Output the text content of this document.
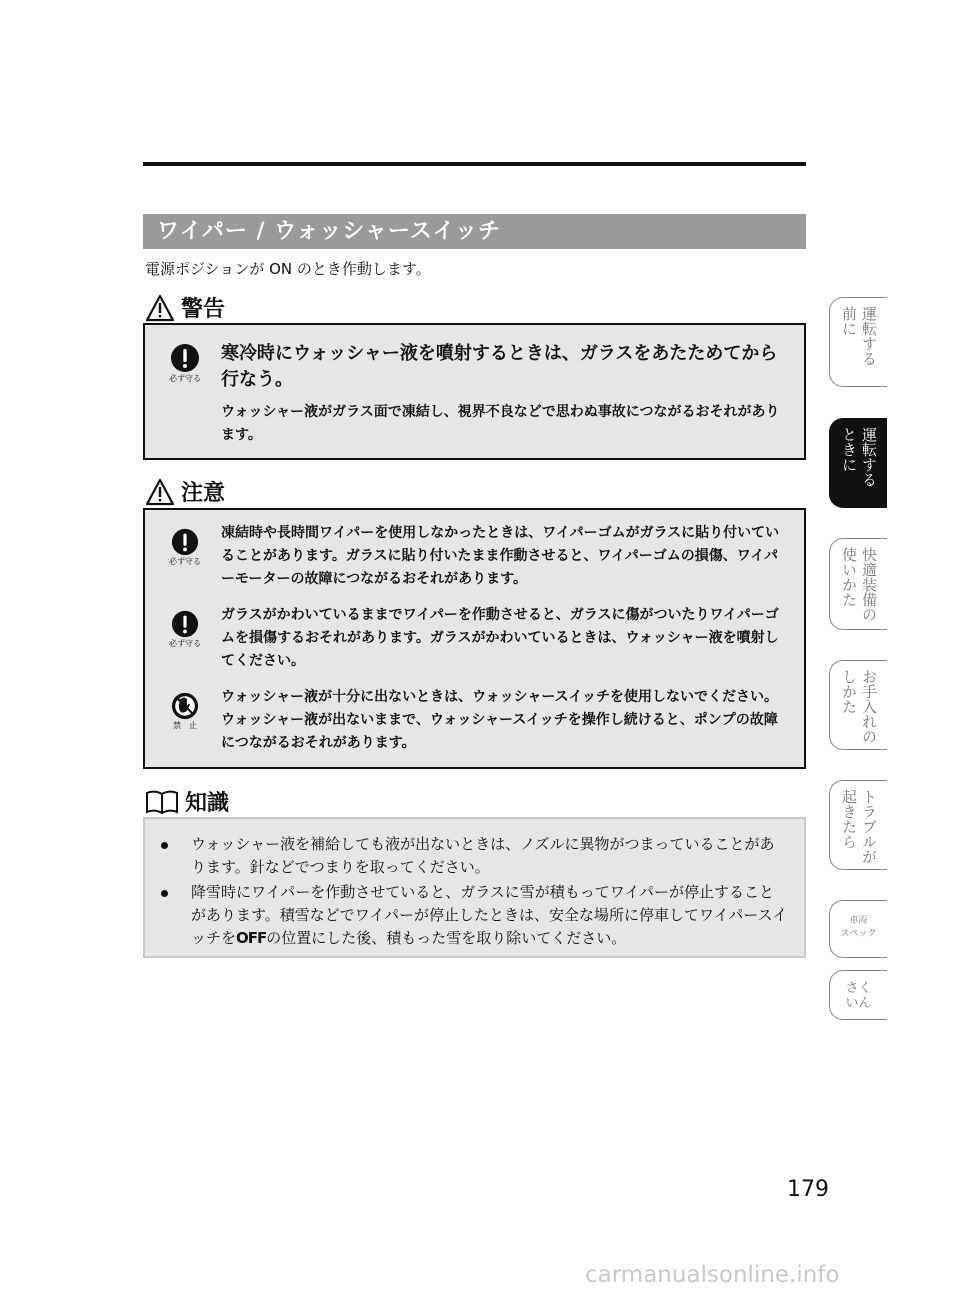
ワイパー / ウォッシャースイッチ
電源ポジションが ON のとき作動します。
警告
必ず守る
寒冷時にウォッシャー液を噴射するときは、ガラスをあたためてから行なう。
ウォッシャー液がガラス面で凍結し、視界不良などで思わぬ事故につながるおそれがあります。
注意
必ず守る
凍結時や長時間ワイパーを使用しなかったときは、ワイパーゴムがガラスに貼り付いていることがあります。ガラスに貼り付いたまま作動させると、ワイパーゴムの損傷、ワイパーモーターの故障につながるおそれがあります。
必ず守る
ガラスがかわいているままでワイパーを作動させると、ガラスに傷がついたりワイパーゴムを損傷するおそれがあります。ガラスがかわいているときは、ウォッシャー液を噴射してください。
禁　止
ウォッシャー液が十分に出ないときは、ウォッシャースイッチを使用しないでください。ウォッシャー液が出ないままで、ウォッシャースイッチを操作し続けると、ポンプの故障につながるおそれがあります。
知識
ウォッシャー液を補給しても液が出ないときは、ノズルに異物がつまっていることがあります。針などでつまりを取ってください。
降雪時にワイパーを作動させていると、ガラスに雪が積もってワイパーが停止することがあります。積雪などでワイパーが停止したときは、安全な場所に停車してワイパースイッチをOFFの位置にした後、積もった雪を取り除いてください。
運転する
前に
運転する
ときに
快適装備の
使いかた
お手入れの
しかた
トラブルが
起きたら
車両
スペック
さく
いん
179
carmanualsonline.info
